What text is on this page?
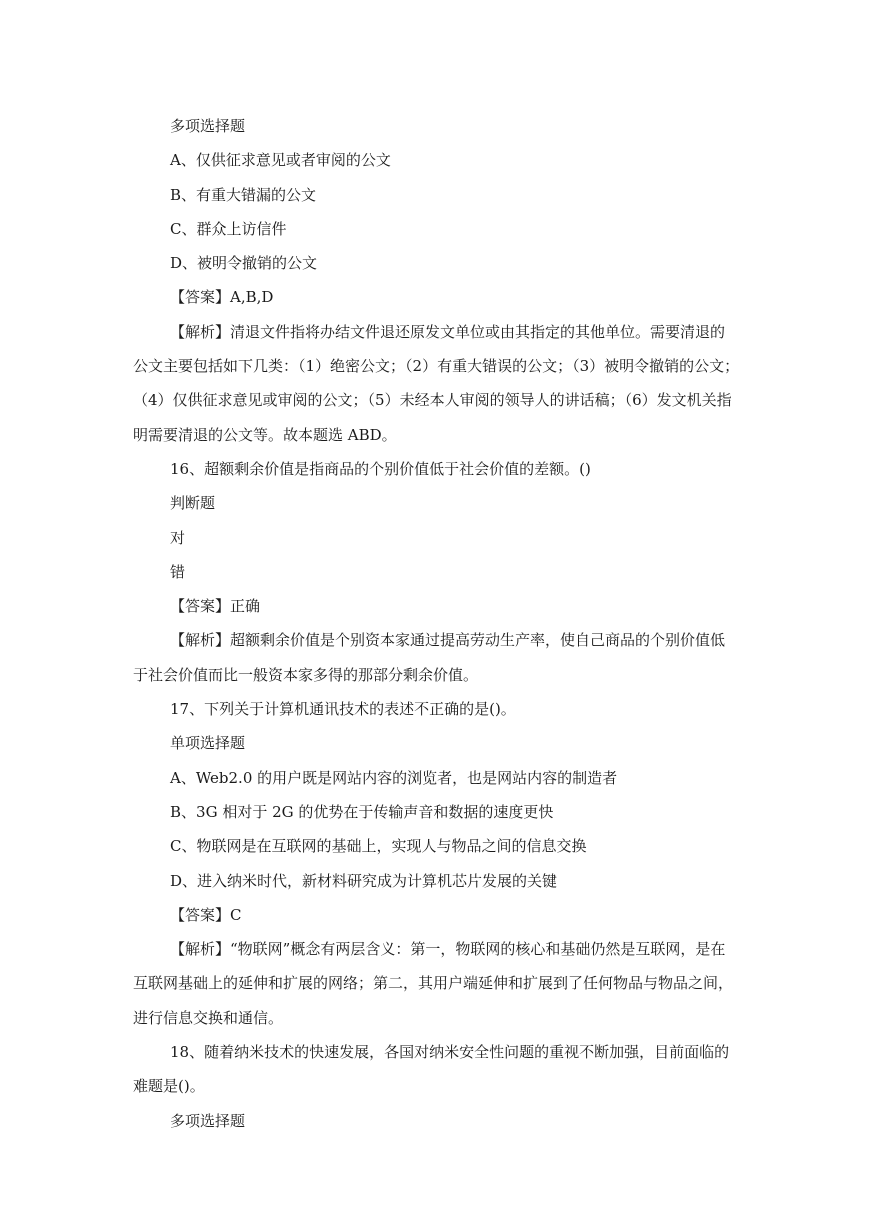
多项选择题

A、仅供征求意见或者审阅的公文

B、有重大错漏的公文

C、群众上访信件

D、被明令撤销的公文

【答案】A,B,D

【解析】清退文件指将办结文件退还原发文单位或由其指定的其他单位。需要清退的
公文主要包括如下几类：（1）绝密公文；（2）有重大错误的公文；（3）被明令撤销的公文；
（4）仅供征求意见或审阅的公文；（5）未经本人审阅的领导人的讲话稿；（6）发文机关指
明需要清退的公文等。故本题选 ABD。

16、超额剩余价值是指商品的个别价值低于社会价值的差额。()

判断题

对

错

【答案】正确

【解析】超额剩余价值是个别资本家通过提高劳动生产率，使自己商品的个别价值低
于社会价值而比一般资本家多得的那部分剩余价值。

17、下列关于计算机通讯技术的表述不正确的是()。

单项选择题

A、Web2.0 的用户既是网站内容的浏览者，也是网站内容的制造者

B、3G 相对于 2G 的优势在于传输声音和数据的速度更快

C、物联网是在互联网的基础上，实现人与物品之间的信息交换

D、进入纳米时代，新材料研究成为计算机芯片发展的关键

【答案】C

【解析】“物联网”概念有两层含义：第一，物联网的核心和基础仍然是互联网，是在
互联网基础上的延伸和扩展的网络；第二，其用户端延伸和扩展到了任何物品与物品之间，
进行信息交换和通信。
18、随着纳米技术的快速发展，各国对纳米安全性问题的重视不断加强，目前面临的
难题是()。

多项选择题
